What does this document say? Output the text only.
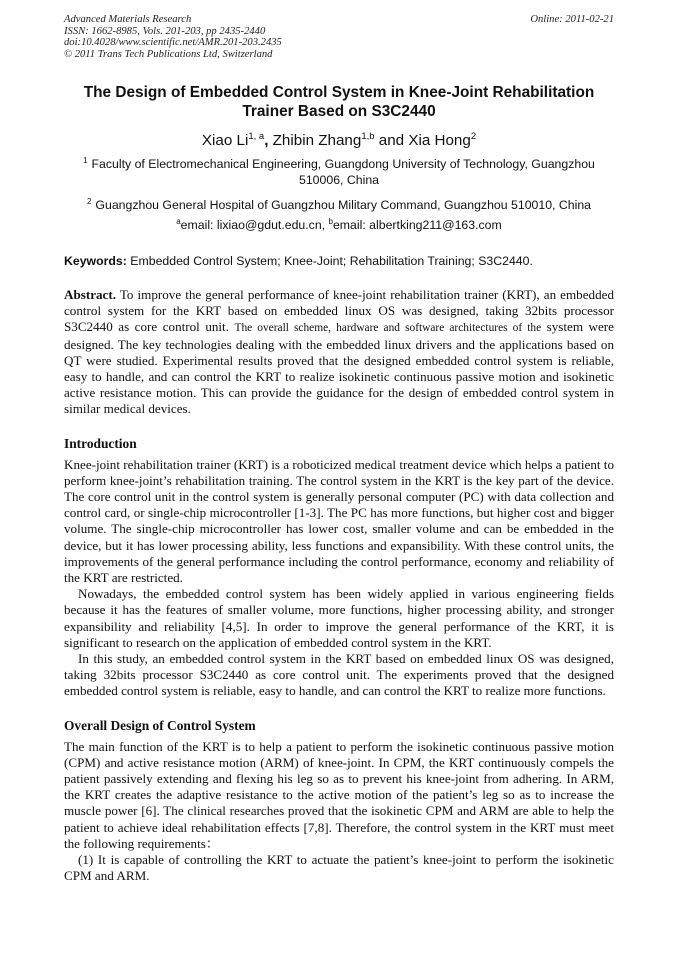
Advanced Materials Research
ISSN: 1662-8985, Vols. 201-203, pp 2435-2440
doi:10.4028/www.scientific.net/AMR.201-203.2435
© 2011 Trans Tech Publications Ltd, Switzerland
Online: 2011-02-21
The Design of Embedded Control System in Knee-Joint Rehabilitation Trainer Based on S3C2440
Xiao Li$^{1, a}$, Zhibin Zhang$^{1,b}$ and Xia Hong$^2$
$^1$ Faculty of Electromechanical Engineering, Guangdong University of Technology, Guangzhou 510006, China
$^2$ Guangzhou General Hospital of Guangzhou Military Command, Guangzhou 510010, China
$^a$email: lixiao@gdut.edu.cn, $^b$email: albertking211@163.com
Keywords: Embedded Control System; Knee-Joint; Rehabilitation Training; S3C2440.
Abstract. To improve the general performance of knee-joint rehabilitation trainer (KRT), an embedded control system for the KRT based on embedded linux OS was designed, taking 32bits processor S3C2440 as core control unit. The overall scheme, hardware and software architectures of the system were designed. The key technologies dealing with the embedded linux drivers and the applications based on QT were studied. Experimental results proved that the designed embedded control system is reliable, easy to handle, and can control the KRT to realize isokinetic continuous passive motion and isokinetic active resistance motion. This can provide the guidance for the design of embedded control system in similar medical devices.
Introduction

Knee-joint rehabilitation trainer (KRT) is a roboticized medical treatment device which helps a patient to perform knee-joint’s rehabilitation training. The control system in the KRT is the key part of the device. The core control unit in the control system is generally personal computer (PC) with data collection and control card, or single-chip microcontroller [1-3]. The PC has more functions, but higher cost and bigger volume. The single-chip microcontroller has lower cost, smaller volume and can be embedded in the device, but it has lower processing ability, less functions and expansibility. With these control units, the improvements of the general performance including the control performance, economy and reliability of the KRT are restricted.

Nowadays, the embedded control system has been widely applied in various engineering fields because it has the features of smaller volume, more functions, higher processing ability, and stronger expansibility and reliability [4,5]. In order to improve the general performance of the KRT, it is significant to research on the application of embedded control system in the KRT.

In this study, an embedded control system in the KRT based on embedded linux OS was designed, taking 32bits processor S3C2440 as core control unit. The experiments proved that the designed embedded control system is reliable, easy to handle, and can control the KRT to realize more functions.

Overall Design of Control System

The main function of the KRT is to help a patient to perform the isokinetic continuous passive motion (CPM) and active resistance motion (ARM) of knee-joint. In CPM, the KRT continuously compels the patient passively extending and flexing his leg so as to prevent his knee-joint from adhering. In ARM, the KRT creates the adaptive resistance to the active motion of the patient’s leg so as to increase the muscle power [6]. The clinical researches proved that the isokinetic CPM and ARM are able to help the patient to achieve ideal rehabilitation effects [7,8]. Therefore, the control system in the KRT must meet the following requirements：

(1) It is capable of controlling the KRT to actuate the patient’s knee-joint to perform the isokinetic CPM and ARM.
